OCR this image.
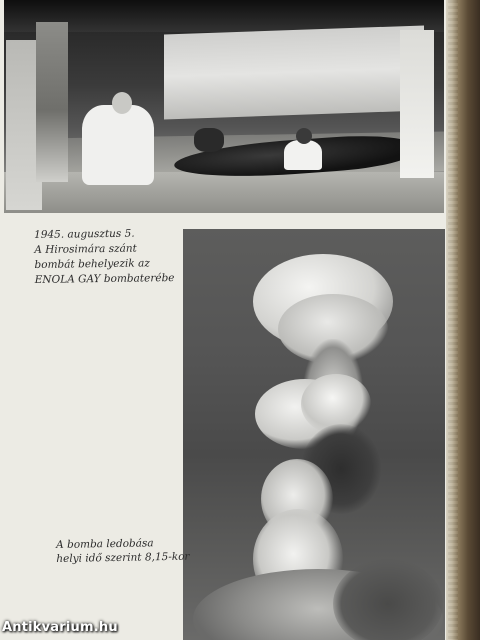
1945. augusztus 5.
A Hirosimára szánt
bombát behelyezik az
ENOLA GAY bombaterébe

A bomba ledobása
helyi idő szerint 8,15-kor

Antikvarium.hu
